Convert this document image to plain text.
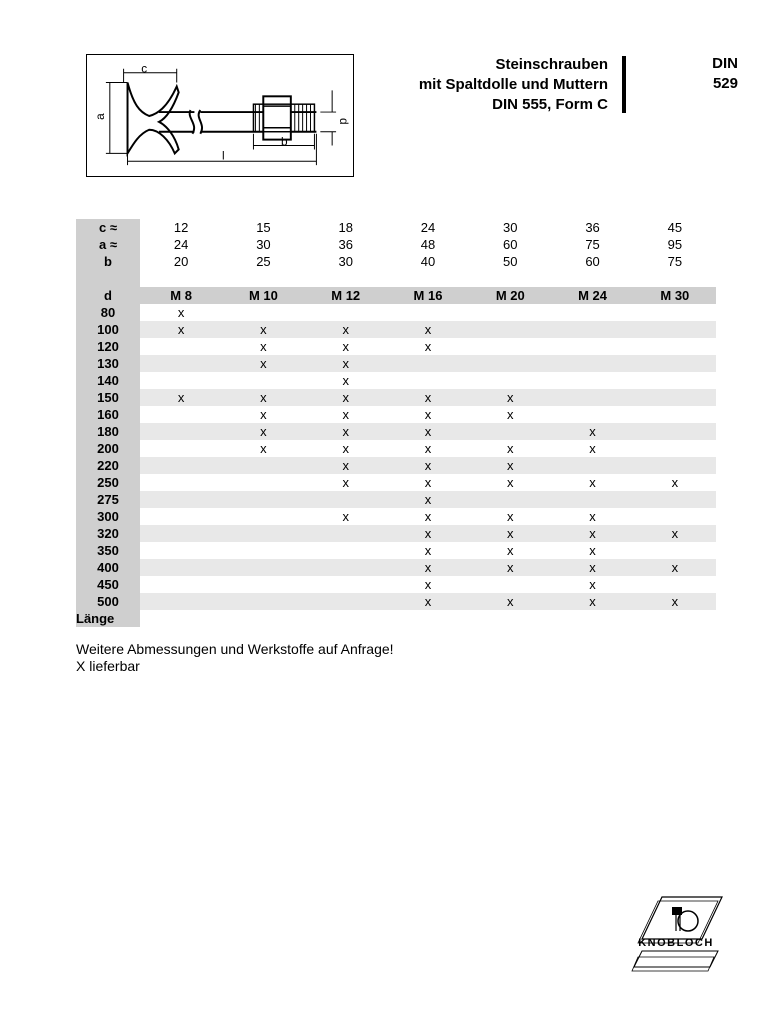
c
a
d
b
l
Steinschrauben
mit Spaltdolle und Muttern
DIN 555, Form C
DIN
529
c ≈	12	15	18	24	30	36	45
a ≈	24	30	36	48	60	75	95
b	20	25	30	40	50	60	75

d	M 8	M 10	M 12	M 16	M 20	M 24	M 30
80	x						
100	x	x	x	x			
120		x	x	x			
130		x	x				
140			x				
150	x	x	x	x	x		
160		x	x	x	x		
180		x	x	x		x	
200		x	x	x	x	x	
220			x	x	x		
250			x	x	x	x	x
275				x			
300			x	x	x	x	
320				x	x	x	x
350				x	x	x	
400				x	x	x	x
450				x		x	
500				x	x	x	x
Länge							
Weitere Abmessungen und Werkstoffe auf Anfrage!
X lieferbar
KNOBLOCH
